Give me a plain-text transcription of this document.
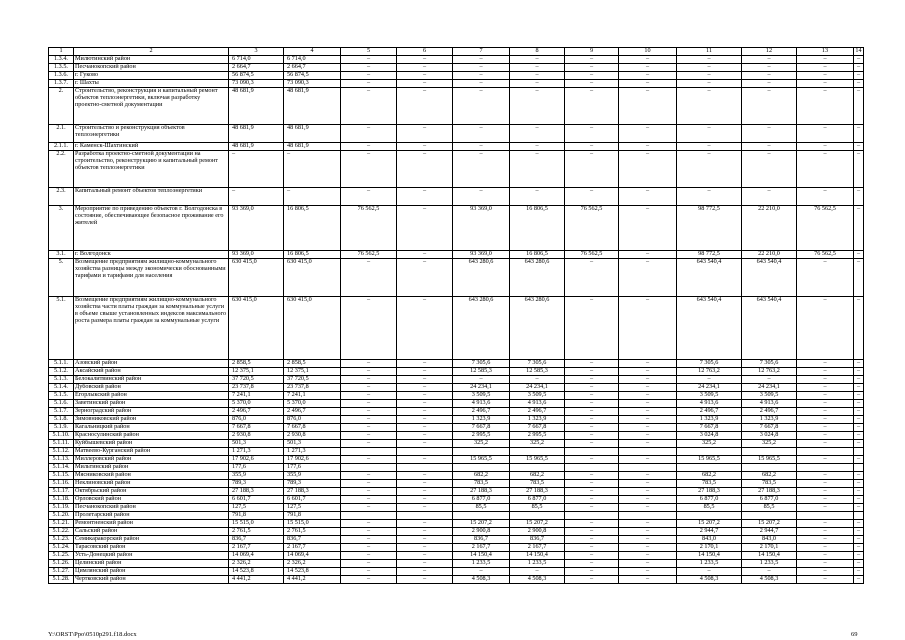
1	2	3	4	5	6	7	8	9	10	11	12	13	14
1.3.4.	Милютинский район	6 714,0	6 714,0	–	–	–	–	–	–	–	–	–	–
1.3.5.	Песчанокопский район	2 664,7	2 664,7	–	–	–	–	–	–	–	–	–	–
1.3.6.	г. Гуково	56 874,5	56 874,5	–	–	–	–	–	–	–	–	–	–
1.3.7.	г. Шахты	73 090,3	73 090,3	–	–	–	–	–	–	–	–	–	–
2.	Строительство, реконструкция и капитальный ремонт объектов теплоэнергетики, включая разработку проектно-сметной документации	48 681,9	48 681,9	–	–	–	–	–	–	–	–	–	–
2.1.	Строительство и реконструкция объектов теплоэнергетики	48 681,9	48 681,9	–	–	–	–	–	–	–	–	–	–
2.1.1.	г. Каменск-Шахтинский	48 681,9	48 681,9	–	–	–	–	–	–	–	–	–	–
2.2.	Разработка проектно-сметной документации на строительство, реконструкцию и капитальный ремонт объектов теплоэнергетики	–	–	–	–	–	–	–	–	–	–	–	–
2.3.	Капитальный ремонт объектов теплоэнергетики	–	–	–	–	–	–	–	–	–	–	–	–
3.	Мероприятие по приведению объектов г. Волгодонска в состояние, обеспечивающее безопасное проживание его жителей	93 369,0	16 806,5	76 562,5	–	93 369,0	16 806,5	76 562,5	–	98 772,5	22 210,0	76 562,5	–
3.1.	г. Волгодонск	93 369,0	16 806,5	76 562,5	–	93 369,0	16 806,5	76 562,5	–	98 772,5	22 210,0	76 562,5	–
5.	Возмещение предприятиям жилищно-коммунального хозяйства разницы между экономически обоснованными тарифами и тарифами для населения	630 415,0	630 415,0	–	–	643 280,6	643 280,6	–	–	643 540,4	643 540,4	–	–
5.1.	Возмещение предприятиям жилищно-коммунального хозяйства части платы граждан за коммунальные услуги в объеме свыше установленных индексов максимального роста размера платы граждан за коммунальные услуги	630 415,0	630 415,0	–	–	643 280,6	643 280,6	–	–	643 540,4	643 540,4	–	–
5.1.1.	Азовский район	2 858,5	2 858,5	–	–	7 305,6	7 305,6	–	–	7 305,6	7 305,6	–	–
5.1.2.	Аксайский район	12 375,1	12 375,1	–	–	12 585,3	12 585,3	–	–	12 763,2	12 763,2	–	–
5.1.3.	Белокалитвинский район	37 720,5	37 720,5	–	–	–	–	–	–	–	–	–	–
5.1.4.	Дубовский район	23 737,8	23 737,8	–	–	24 234,1	24 234,1	–	–	24 234,1	24 234,1	–	–
5.1.5.	Егорлыкский район	7 241,1	7 241,1	–	–	3 509,5	3 509,5	–	–	3 509,5	3 509,5	–	–
5.1.6.	Заветинский район	5 370,0	5 370,0	–	–	4 913,6	4 913,6	–	–	4 913,6	4 913,6	–	–
5.1.7.	Зерноградский район	2 496,7	2 496,7	–	–	2 496,7	2 496,7	–	–	2 496,7	2 496,7	–	–
5.1.8.	Зимовниковский район	876,0	876,0	–	–	1 323,9	1 323,9	–	–	1 323,9	1 323,9	–	–
5.1.9.	Кагальницкий район	7 667,8	7 667,8	–	–	7 667,8	7 667,8	–	–	7 667,8	7 667,8	–	–
5.1.10.	Красносулинский район	2 930,8	2 930,8	–	–	2 995,5	2 995,5	–	–	3 024,8	3 024,8	–	–
5.1.11.	Куйбышевский район	501,3	501,3	–	–	325,2	325,2	–	–	325,2	325,2	–	–
5.1.12.	Матвеево-Курганский район	1 271,3	1 271,3										
5.1.13.	Миллеровский район	17 902,6	17 902,6	–	–	15 965,5	15 965,5	–	–	15 965,5	15 965,5	–	–
5.1.14.	Мильтинский район	177,6	177,6										
5.1.15.	Мясниковский район	355,9	355,9	–	–	682,2	682,2	–	–	682,2	682,2	–	–
5.1.16.	Неклиновский район	789,3	789,3	–	–	783,5	783,5	–	–	783,5	783,5	–	–
5.1.17.	Октябрьский район	27 188,3	27 188,3	–	–	27 188,3	27 188,3	–	–	27 188,3	27 188,3	–	–
5.1.18.	Орловский район	6 601,7	6 601,7	–	–	6 877,0	6 877,0	–	–	6 877,0	6 877,0	–	–
5.1.19.	Песчанокопский район	127,5	127,5	–	–	85,5	85,5	–	–	85,5	85,5	–	–
5.1.20.	Пролетарский район	791,8	791,8										
5.1.21.	Ремонтненский район	15 515,0	15 515,0	–	–	15 207,2	15 207,2	–	–	15 207,2	15 207,2	–	–
5.1.22.	Сальский район	2 761,5	2 761,5	–	–	2 900,8	2 900,8	–	–	2 944,7	2 944,7	–	–
5.1.23.	Семикаракорский район	836,7	836,7	–	–	836,7	836,7	–	–	843,0	843,0	–	–
5.1.24.	Тарасовский район	2 167,7	2 167,7	–	–	2 167,7	2 167,7	–	–	2 170,1	2 170,1	–	–
5.1.25.	Усть-Донецкий район	14 069,4	14 069,4	–	–	14 150,4	14 150,4	–	–	14 150,4	14 150,4	–	–
5.1.26.	Целинский район	2 326,2	2 326,2	–	–	1 233,5	1 233,5	–	–	1 233,5	1 233,5	–	–
5.1.27.	Цимлянский район	14 523,8	14 523,8	–	–	–	–	–	–	–	–	–	–
5.1.28.	Чертковский район	4 441,2	4 441,2	–	–	4 508,3	4 508,3	–	–	4 508,3	4 508,3	–	–
Y:\ORST\Ppo\0510p291.f18.docx	69
